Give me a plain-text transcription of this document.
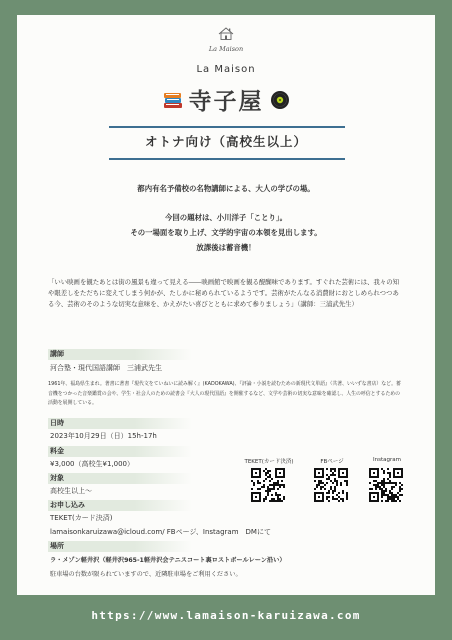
La Maison
La Maison
寺子屋
オトナ向け（高校生以上）
都内有名予備校の名物講師による、大人の学びの場。
今回の題材は、小川洋子「ことり」。
その一場面を取り上げ、文学的宇宙の本領を見出します。
放課後は蓄音機！
「いい映画を観たあとは街の風景も違って見える――映画館で映画を観る醍醐味であります。すぐれた芸術には、我々の知や眼差しをただちに変えてしまう何かが、たしかに秘められているようです。芸術がたんなる消費財におとしめられつつある今、芸術のそのような切実な意味を、かえがたい喜びとともに求めて参りましょう」（講師：三浦武先生）
講師
河合塾・現代国語講師　三浦武先生
1961年、福島県生まれ。著書に著書『現代文をていねいに読み解く』(KADOKAWA)、『評論・小説を読むための新現代文単語』（共著、いいずな書店）など。蓄音機をつかった音楽鑑賞の会や、学生・社会人のための読書会『大人の現代国語』を開催するなど、文学や芸術の切実な意味を確認し、人生の呼信とするための活動を展開している。
日時
2023年10月29日（日）15h-17h
料金
¥3,000（高校生¥1,000）
対象
高校生以上～
お申し込み
TEKET(カード決済)
lamaisonkaruizawa@icloud.com/ FBページ、Instagram　DMにて
場所
ラ・メゾン軽井沢（軽井沢965-1軽井沢会テニスコート裏ロストボールレーン沿い）
駐車場の台数が限られていますので、近隣駐車場をご利用ください。
TEKET(カード決済)	FBページ	Instagram
https://www.lamaison-karuizawa.com
